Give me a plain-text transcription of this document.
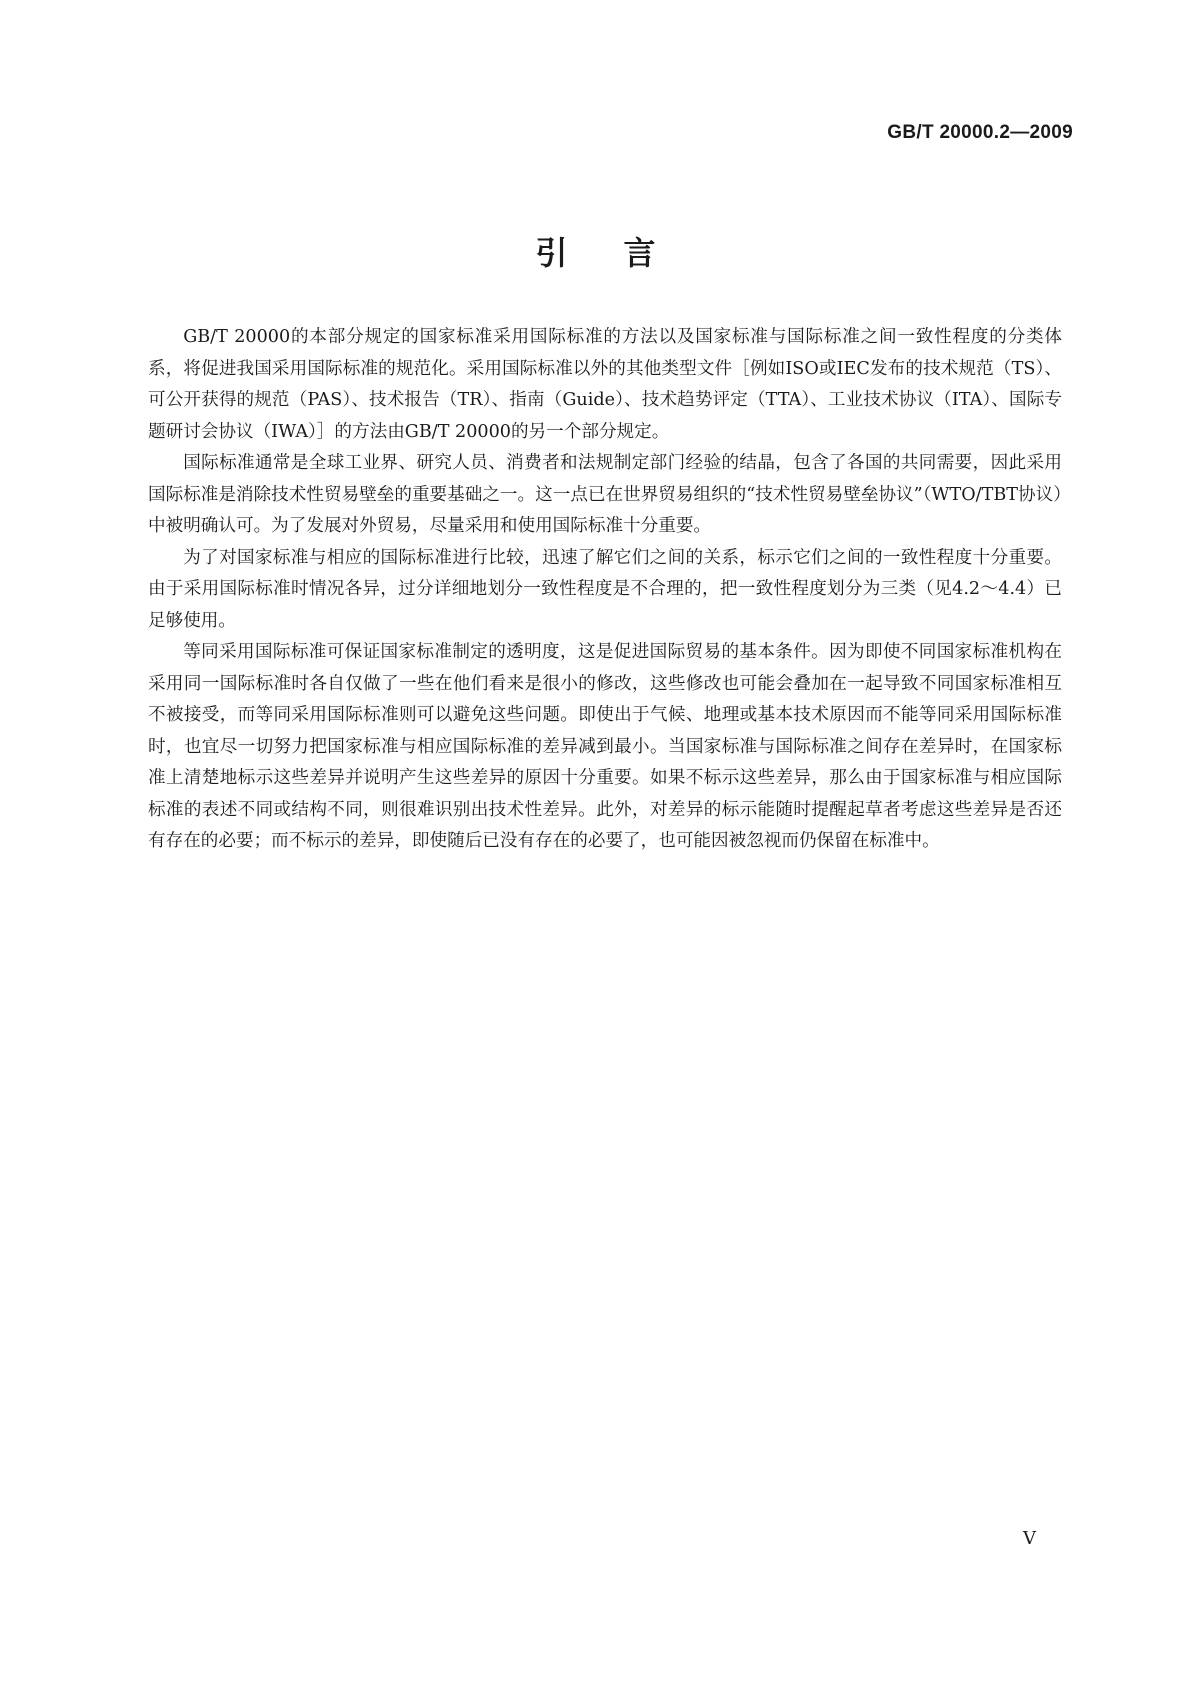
GB/T 20000.2—2009
引言

GB/T 20000的本部分规定的国家标准采用国际标准的方法以及国家标准与国际标准之间一致性程度的分类体系，将促进我国采用国际标准的规范化。采用国际标准以外的其他类型文件［例如ISO或IEC发布的技术规范（TS）、可公开获得的规范（PAS）、技术报告（TR）、指南（Guide）、技术趋势评定（TTA）、工业技术协议（ITA）、国际专题研讨会协议（IWA）］的方法由GB/T 20000的另一个部分规定。

国际标准通常是全球工业界、研究人员、消费者和法规制定部门经验的结晶，包含了各国的共同需要，因此采用国际标准是消除技术性贸易壁垒的重要基础之一。这一点已在世界贸易组织的“技术性贸易壁垒协议”（WTO/TBT协议）中被明确认可。为了发展对外贸易，尽量采用和使用国际标准十分重要。

为了对国家标准与相应的国际标准进行比较，迅速了解它们之间的关系，标示它们之间的一致性程度十分重要。由于采用国际标准时情况各异，过分详细地划分一致性程度是不合理的，把一致性程度划分为三类（见4.2～4.4）已足够使用。

等同采用国际标准可保证国家标准制定的透明度，这是促进国际贸易的基本条件。因为即使不同国家标准机构在采用同一国际标准时各自仅做了一些在他们看来是很小的修改，这些修改也可能会叠加在一起导致不同国家标准相互不被接受，而等同采用国际标准则可以避免这些问题。即使出于气候、地理或基本技术原因而不能等同采用国际标准时，也宜尽一切努力把国家标准与相应国际标准的差异减到最小。当国家标准与国际标准之间存在差异时，在国家标准上清楚地标示这些差异并说明产生这些差异的原因十分重要。如果不标示这些差异，那么由于国家标准与相应国际标准的表述不同或结构不同，则很难识别出技术性差异。此外，对差异的标示能随时提醒起草者考虑这些差异是否还有存在的必要；而不标示的差异，即使随后已没有存在的必要了，也可能因被忽视而仍保留在标准中。

V
